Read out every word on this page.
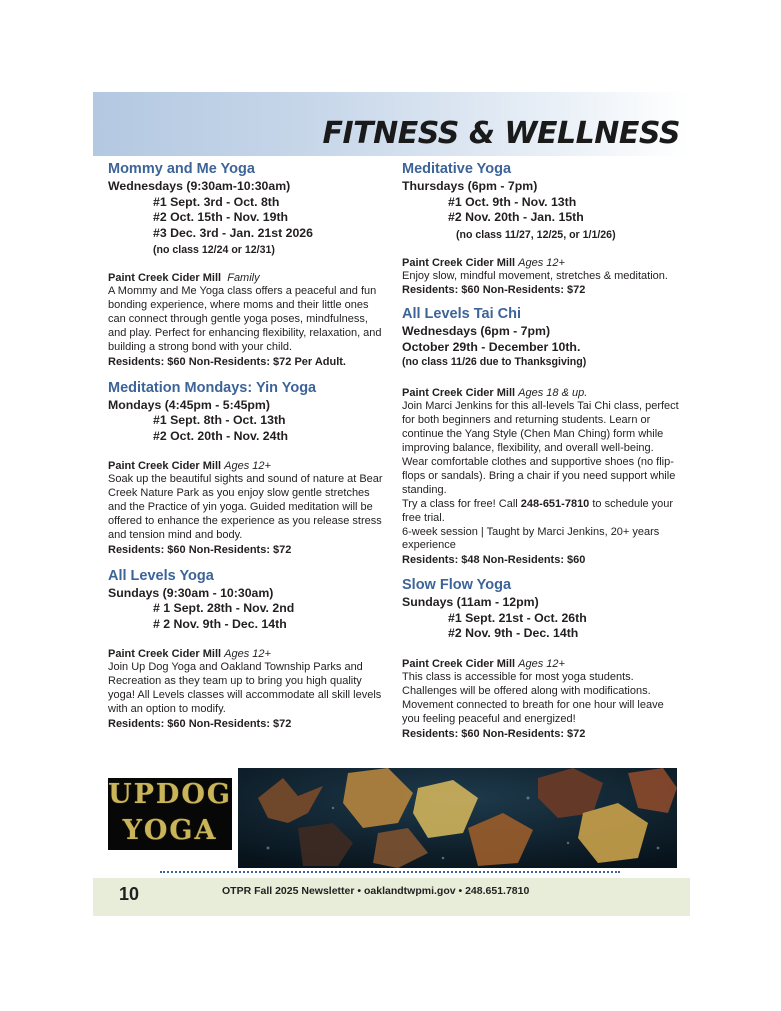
FITNESS & WELLNESS
Mommy and Me Yoga
Wednesdays (9:30am-10:30am)
#1 Sept. 3rd - Oct. 8th
#2 Oct. 15th - Nov. 19th
#3 Dec. 3rd - Jan. 21st 2026
(no class 12/24 or 12/31)
Paint Creek Cider Mill Family
A Mommy and Me Yoga class offers a peaceful and fun bonding experience, where moms and their little ones can connect through gentle yoga poses, mindfulness, and play. Perfect for enhancing flexibility, relaxation, and building a strong bond with your child.
Residents: $60 Non-Residents: $72 Per Adult.
Meditation Mondays: Yin Yoga
Mondays (4:45pm - 5:45pm)
#1 Sept. 8th - Oct. 13th
#2 Oct. 20th - Nov. 24th
Paint Creek Cider Mill Ages 12+
Soak up the beautiful sights and sound of nature at Bear Creek Nature Park as you enjoy slow gentle stretches and the Practice of yin yoga. Guided meditation will be offered to enhance the experience as you release stress and tension mind and body.
Residents: $60 Non-Residents: $72
All Levels Yoga
Sundays (9:30am - 10:30am)
# 1 Sept. 28th - Nov. 2nd
# 2 Nov. 9th - Dec. 14th
Paint Creek Cider Mill Ages 12+
Join Up Dog Yoga and Oakland Township Parks and Recreation as they team up to bring you high quality yoga! All Levels classes will accommodate all skill levels with an option to modify.
Residents: $60 Non-Residents: $72
Meditative Yoga
Thursdays (6pm - 7pm)
#1 Oct. 9th - Nov. 13th
#2 Nov. 20th - Jan. 15th
(no class 11/27, 12/25, or 1/1/26)
Paint Creek Cider Mill Ages 12+
Enjoy slow, mindful movement, stretches & meditation.
Residents: $60 Non-Residents: $72
All Levels Tai Chi
Wednesdays (6pm - 7pm)
October 29th - December 10th.
(no class 11/26 due to Thanksgiving)
Paint Creek Cider Mill Ages 18 & up.
Join Marci Jenkins for this all-levels Tai Chi class, perfect for both beginners and returning students. Learn or continue the Yang Style (Chen Man Ching) form while improving balance, flexibility, and overall well-being.
Wear comfortable clothes and supportive shoes (no flip-flops or sandals). Bring a chair if you need support while standing.
Try a class for free! Call 248-651-7810 to schedule your free trial.
6-week session | Taught by Marci Jenkins, 20+ years experience
Residents: $48 Non-Residents: $60
Slow Flow Yoga
Sundays (11am - 12pm)
#1 Sept. 21st - Oct. 26th
#2 Nov. 9th - Dec. 14th
Paint Creek Cider Mill Ages 12+
This class is accessible for most yoga students. Challenges will be offered along with modifications. Movement connected to breath for one hour will leave you feeling peaceful and energized!
Residents: $60 Non-Residents: $72
UPDOG
YOGA
10	OTPR Fall 2025 Newsletter • oaklandtwpmi.gov • 248.651.7810
